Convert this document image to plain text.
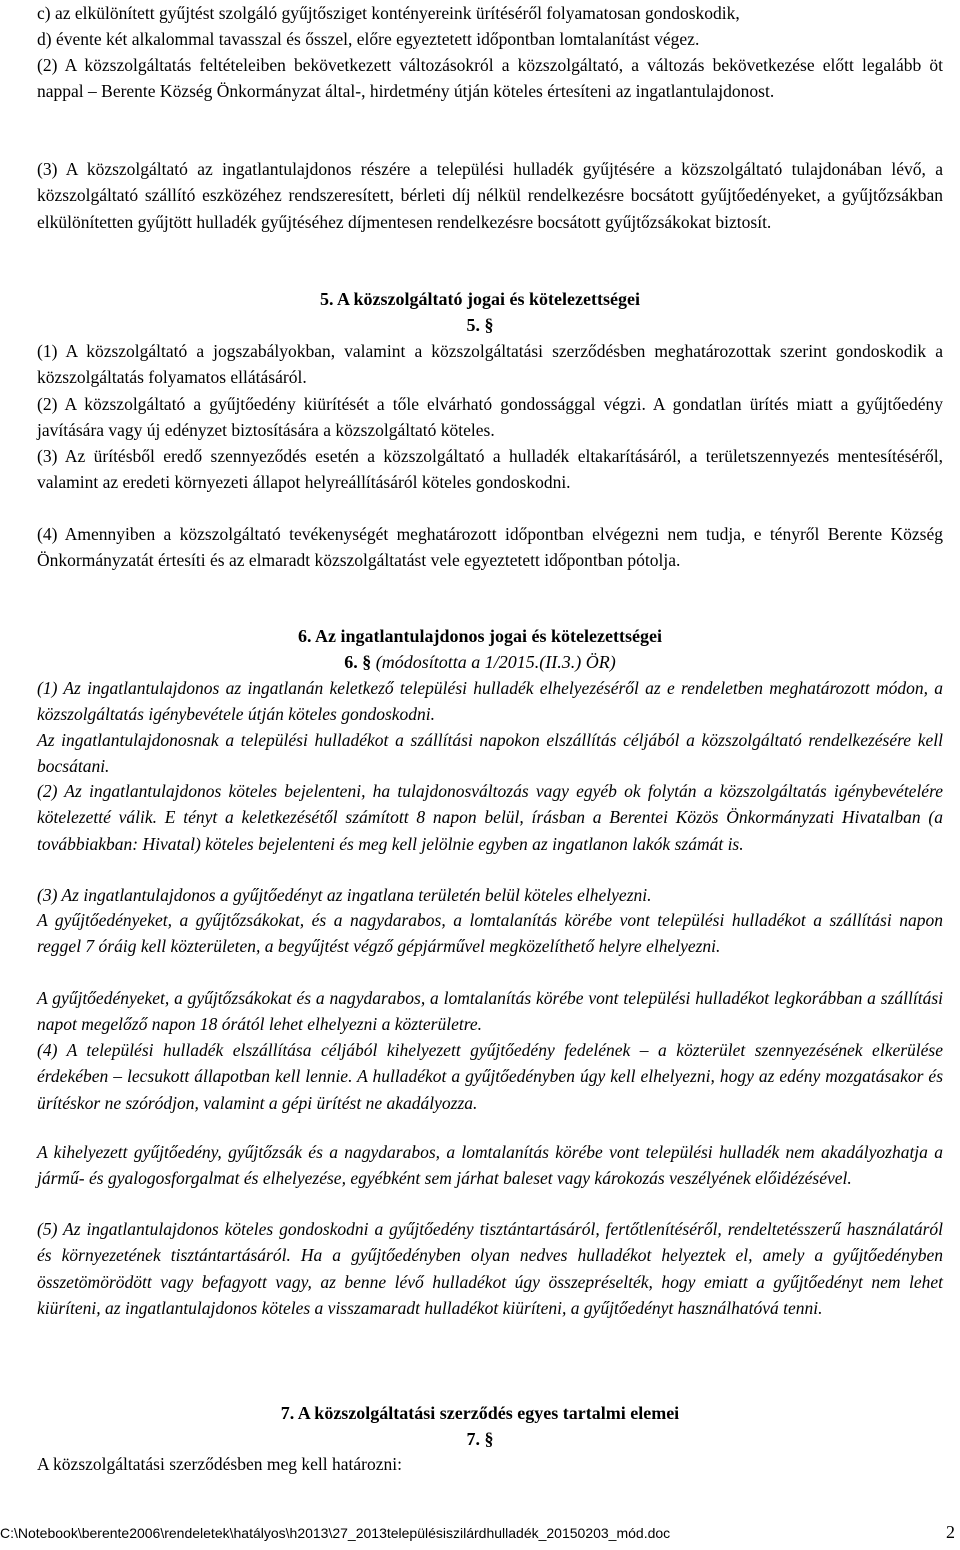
c) az elkülönített gyűjtést szolgáló gyűjtősziget kontényereink ürítéséről folyamatosan gondoskodik,
d) évente két alkalommal tavasszal és ősszel, előre egyeztetett időpontban lomtalanítást végez.
(2) A közszolgáltatás feltételeiben bekövetkezett változásokról a közszolgáltató, a változás bekövetkezése előtt legalább öt nappal – Berente Község Önkormányzat által-, hirdetmény útján köteles értesíteni az ingatlantulajdonost.
(3) A közszolgáltató az ingatlantulajdonos részére a települési hulladék gyűjtésére a közszolgáltató tulajdonában lévő, a közszolgáltató szállító eszközéhez rendszeresített, bérleti díj nélkül rendelkezésre bocsátott gyűjtőedényeket, a gyűjtőzsákban elkülönítetten gyűjtött hulladék gyűjtéséhez díjmentesen rendelkezésre bocsátott gyűjtőzsákokat biztosít.
5. A közszolgáltató jogai és kötelezettségei
5. §
(1) A közszolgáltató a jogszabályokban, valamint a közszolgáltatási szerződésben meghatározottak szerint gondoskodik a közszolgáltatás folyamatos ellátásáról.
(2) A közszolgáltató a gyűjtőedény kiürítését a tőle elvárható gondossággal végzi. A gondatlan ürítés miatt a gyűjtőedény javítására vagy új edényzet biztosítására a közszolgáltató köteles.
(3) Az ürítésből eredő szennyeződés esetén a közszolgáltató a hulladék eltakarításáról, a területszennyezés mentesítéséről, valamint az eredeti környezeti állapot helyreállításáról köteles gondoskodni.
(4) Amennyiben a közszolgáltató tevékenységét meghatározott időpontban elvégezni nem tudja, e tényről Berente Község Önkormányzatát értesíti és az elmaradt közszolgáltatást vele egyeztetett időpontban pótolja.
6. Az ingatlantulajdonos jogai és kötelezettségei
6. § (módosította a 1/2015.(II.3.) ÖR)
(1) Az ingatlantulajdonos az ingatlanán keletkező települési hulladék elhelyezéséről az e rendeletben meghatározott módon, a közszolgáltatás igénybevétele útján köteles gondoskodni.
Az ingatlantulajdonosnak a települési hulladékot a szállítási napokon elszállítás céljából a közszolgáltató rendelkezésére kell bocsátani.
(2) Az ingatlantulajdonos köteles bejelenteni, ha tulajdonosváltozás vagy egyéb ok folytán a közszolgáltatás igénybevételére kötelezetté válik. E tényt a keletkezésétől számított 8 napon belül, írásban a Berentei Közös Önkormányzati Hivatalban (a továbbiakban: Hivatal) köteles bejelenteni és meg kell jelölnie egyben az ingatlanon lakók számát is.
(3) Az ingatlantulajdonos a gyűjtőedényt az ingatlana területén belül köteles elhelyezni.
A gyűjtőedényeket, a gyűjtőzsákokat, és a nagydarabos, a lomtalanítás körébe vont települési hulladékot a szállítási napon reggel 7 óráig kell közterületen, a begyűjtést végző gépjárművel megközelíthető helyre elhelyezni.
A gyűjtőedényeket, a gyűjtőzsákokat és a nagydarabos, a lomtalanítás körébe vont települési hulladékot legkorábban a szállítási napot megelőző napon 18 órától lehet elhelyezni a közterületre.
(4) A települési hulladék elszállítása céljából kihelyezett gyűjtőedény fedelének – a közterület szennyezésének elkerülése érdekében – lecsukott állapotban kell lennie. A hulladékot a gyűjtőedényben úgy kell elhelyezni, hogy az edény mozgatásakor és ürítéskor ne szóródjon, valamint a gépi ürítést ne akadályozza.
A kihelyezett gyűjtőedény, gyűjtőzsák és a nagydarabos, a lomtalanítás körébe vont települési hulladék nem akadályozhatja a jármű- és gyalogosforgalmat és elhelyezése, egyébként sem járhat baleset vagy károkozás veszélyének előidézésével.
(5) Az ingatlantulajdonos köteles gondoskodni a gyűjtőedény tisztántartásáról, fertőtlenítéséről, rendeltetésszerű használatáról és környezetének tisztántartásáról. Ha a gyűjtőedényben olyan nedves hulladékot helyeztek el, amely a gyűjtőedényben összetömörödött vagy befagyott vagy, az benne lévő hulladékot úgy összepréselték, hogy emiatt a gyűjtőedényt nem lehet kiüríteni, az ingatlantulajdonos köteles a visszamaradt hulladékot kiüríteni, a gyűjtőedényt használhatóvá tenni.
7. A közszolgáltatási szerződés egyes tartalmi elemei
7. §
A közszolgáltatási szerződésben meg kell határozni:
C:\Notebook\berente2006\rendeletek\hatályos\h2013\27_2013településiszilárdhulladék_20150203_mód.doc	2
